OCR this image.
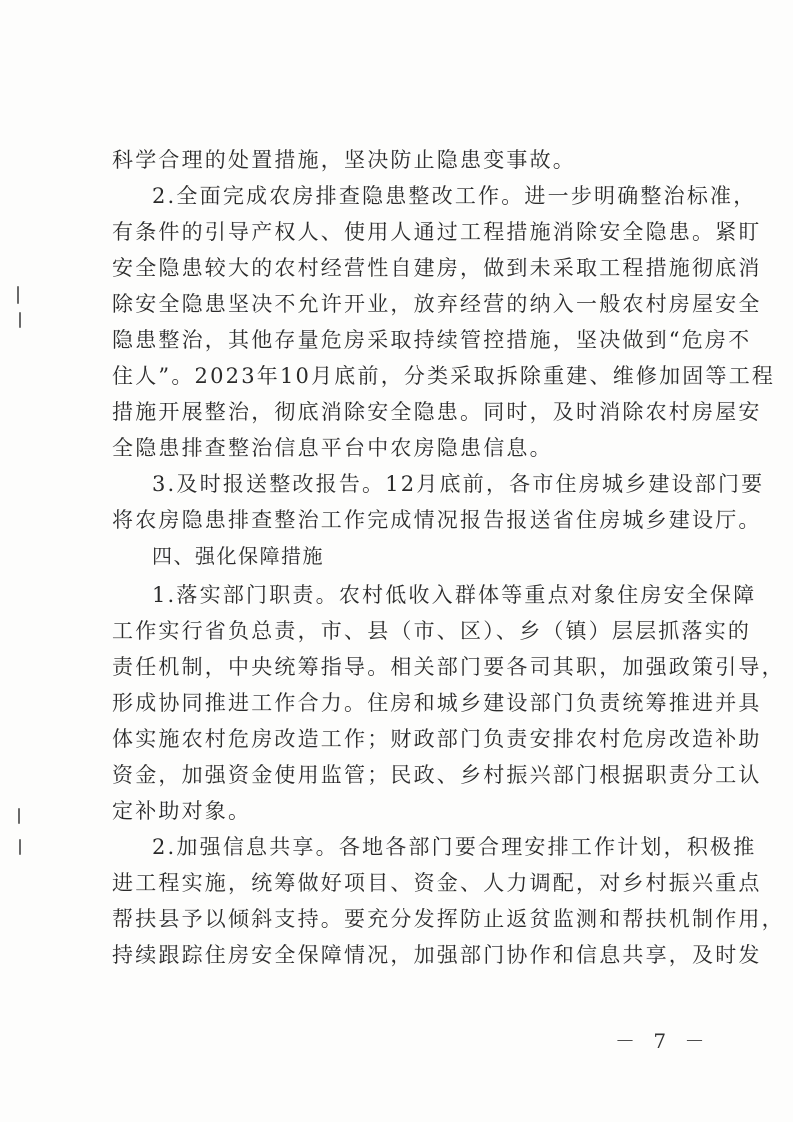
科学合理的处置措施，坚决防止隐患变事故。
2.全面完成农房排查隐患整改工作。进一步明确整治标准，
有条件的引导产权人、使用人通过工程措施消除安全隐患。紧盯
安全隐患较大的农村经营性自建房，做到未采取工程措施彻底消
除安全隐患坚决不允许开业，放弃经营的纳入一般农村房屋安全
隐患整治，其他存量危房采取持续管控措施，坚决做到“危房不
住人”。2023年10月底前，分类采取拆除重建、维修加固等工程
措施开展整治，彻底消除安全隐患。同时，及时消除农村房屋安
全隐患排查整治信息平台中农房隐患信息。
3.及时报送整改报告。12月底前，各市住房城乡建设部门要
将农房隐患排查整治工作完成情况报告报送省住房城乡建设厅。
四、强化保障措施
1.落实部门职责。农村低收入群体等重点对象住房安全保障
工作实行省负总责，市、县（市、区）、乡（镇）层层抓落实的
责任机制，中央统筹指导。相关部门要各司其职，加强政策引导，
形成协同推进工作合力。住房和城乡建设部门负责统筹推进并具
体实施农村危房改造工作；财政部门负责安排农村危房改造补助
资金，加强资金使用监管；民政、乡村振兴部门根据职责分工认
定补助对象。
2.加强信息共享。各地各部门要合理安排工作计划，积极推
进工程实施，统筹做好项目、资金、人力调配，对乡村振兴重点
帮扶县予以倾斜支持。要充分发挥防止返贫监测和帮扶机制作用，
持续跟踪住房安全保障情况，加强部门协作和信息共享，及时发
－ 7 －
